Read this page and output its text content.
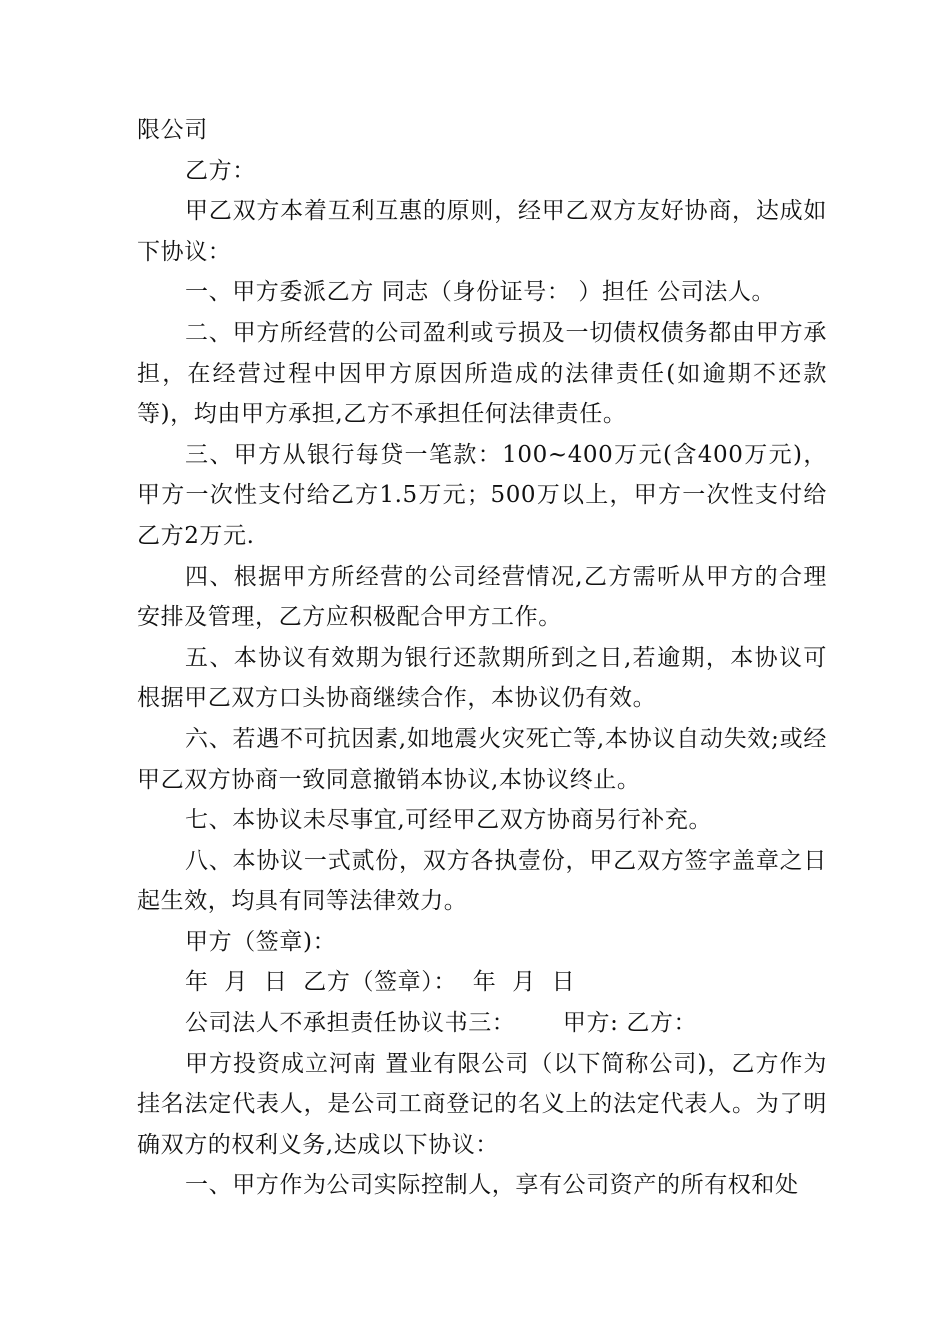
限公司

乙方：

甲乙双方本着互利互惠的原则，经甲乙双方友好协商，达成如下协议：

一、甲方委派乙方 同志（身份证号： ）担任 公司法人。

二、甲方所经营的公司盈利或亏损及一切债权债务都由甲方承担，在经营过程中因甲方原因所造成的法律责任(如逾期不还款等)，均由甲方承担,乙方不承担任何法律责任。

三、甲方从银行每贷一笔款：100~400万元(含400万元)，甲方一次性支付给乙方1.5万元；500万以上，甲方一次性支付给乙方2万元.

四、根据甲方所经营的公司经营情况,乙方需听从甲方的合理安排及管理，乙方应积极配合甲方工作。

五、本协议有效期为银行还款期所到之日,若逾期，本协议可根据甲乙双方口头协商继续合作，本协议仍有效。

六、若遇不可抗因素,如地震火灾死亡等,本协议自动失效;或经甲乙双方协商一致同意撤销本协议,本协议终止。

七、本协议未尽事宜,可经甲乙双方协商另行补充。

八、本协议一式贰份，双方各执壹份，甲乙双方签字盖章之日起生效，均具有同等法律效力。

甲方（签章)：

年  月  日  乙方（签章）：  年  月  日

公司法人不承担责任协议书三：      甲方: 乙方：

甲方投资成立河南 置业有限公司（以下简称公司)，乙方作为挂名法定代表人，是公司工商登记的名义上的法定代表人。为了明确双方的权利义务,达成以下协议：

一、甲方作为公司实际控制人，享有公司资产的所有权和处
